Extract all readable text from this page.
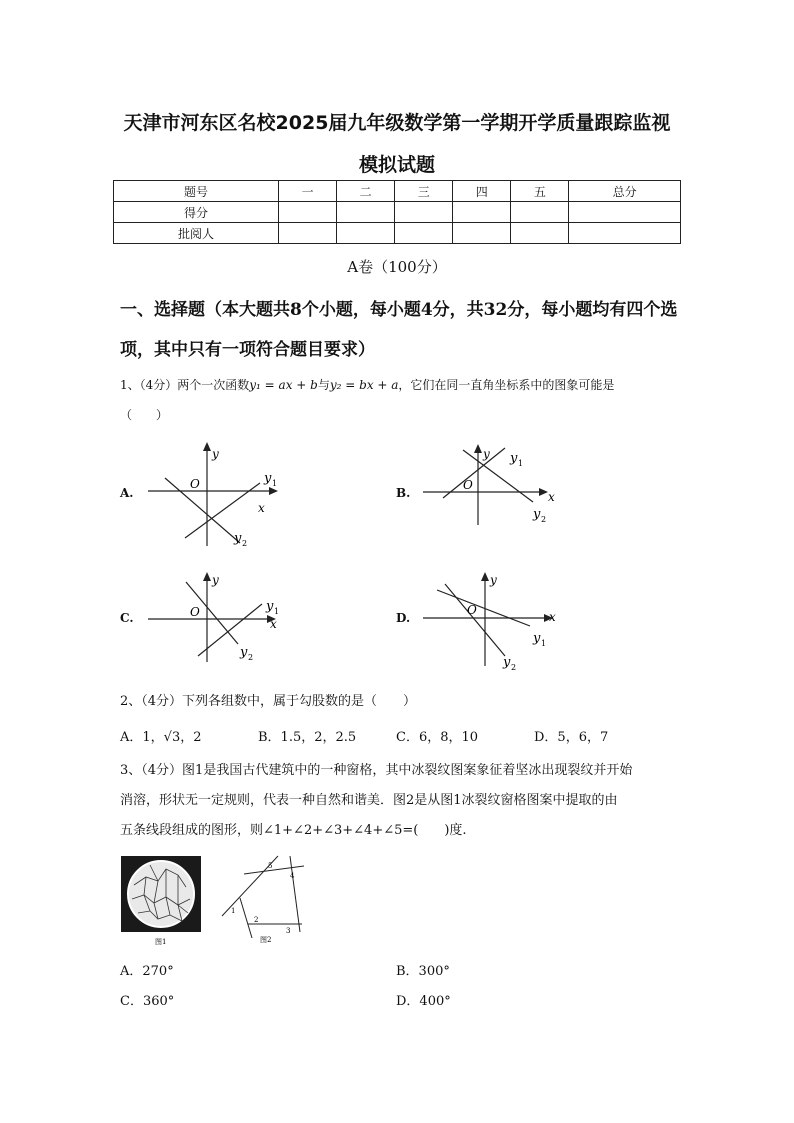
天津市河东区名校2025届九年级数学第一学期开学质量跟踪监视
模拟试题
题号	一	二	三	四	五	总分
得分						
批阅人						
A卷（100分）
一、选择题（本大题共8个小题，每小题4分，共32分，每小题均有四个选项，其中只有一项符合题目要求）
1、（4分）两个一次函数y₁ = ax + b与y₂ = bx + a，它们在同一直角坐标系中的图象可能是
（　　）
A.
y
O
x
y 1
y 2
B.
y
O
x
y 1
y 2
C.
y
O
x
y 1
y 2
D.
y
O	x
y 1
y 2
2、（4分）下列各组数中，属于勾股数的是（　　）
A．1，√3，2	B．1.5，2，2.5	C．6，8，10	D．5，6，7
3、（4分）图1是我国古代建筑中的一种窗格，其中冰裂纹图案象征着坚冰出现裂纹并开始
消溶，形状无一定规则，代表一种自然和谐美．图2是从图1冰裂纹窗格图案中提取的由
五条线段组成的图形，则∠1+∠2+∠3+∠4+∠5=(　　)度.
图1
1
2
3
4
5
图2
A．270°	B．300°
C．360°	D．400°
